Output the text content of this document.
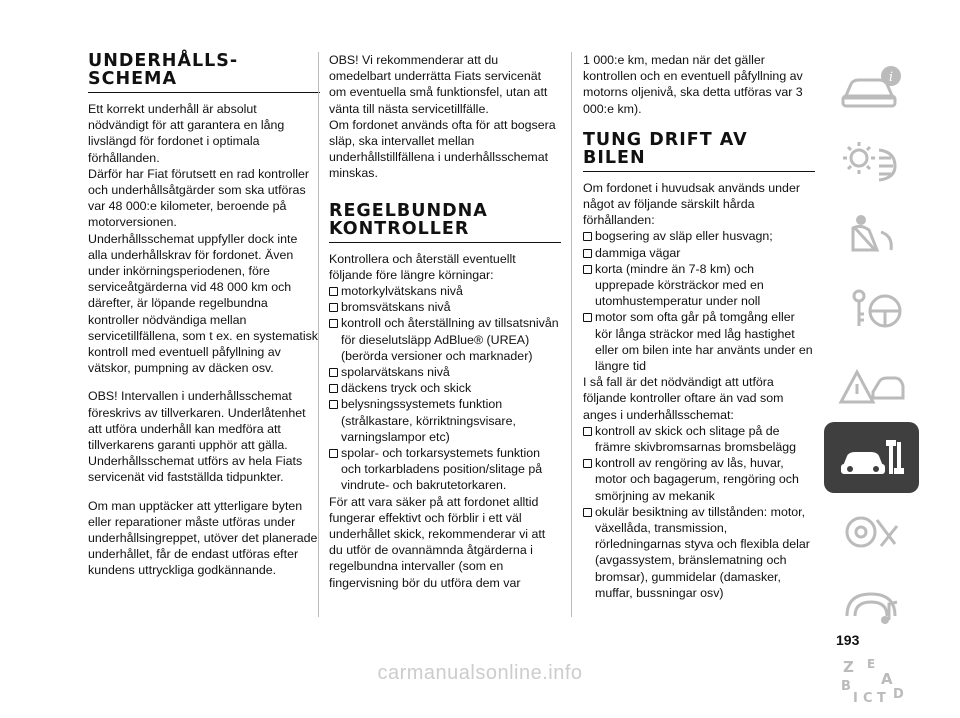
UNDERHÅLLS-SCHEMA

Ett korrekt underhåll är absolut nödvändigt för att garantera en lång livslängd för fordonet i optimala förhållanden.

Därför har Fiat förutsett en rad kontroller och underhållsåtgärder som ska utföras var 48 000:e kilometer, beroende på motorversionen.

Underhållsschemat uppfyller dock inte alla underhållskrav för fordonet. Även under inkörningsperiodenen, före serviceåtgärderna vid 48 000 km och därefter, är löpande regelbundna kontroller nödvändiga mellan servicetillfällena, som t ex. en systematisk kontroll med eventuell påfyllning av vätskor, pumpning av däcken osv.

OBS! Intervallen i underhållsschemat föreskrivs av tillverkaren. Underlåtenhet att utföra underhåll kan medföra att tillverkarens garanti upphör att gälla. Underhållsschemat utförs av hela Fiats servicenät vid fastställda tidpunkter.

Om man upptäcker att ytterligare byten eller reparationer måste utföras under underhållsingreppet, utöver det planerade underhållet, får de endast utföras efter kundens uttryckliga godkännande.

OBS! Vi rekommenderar att du omedelbart underrätta Fiats servicenät om eventuella små funktionsfel, utan att vänta till nästa servicetillfälle.

Om fordonet används ofta för att bogsera släp, ska intervallet mellan underhållstillfällena i underhållsschemat minskas.

REGELBUNDNA KONTROLLER

Kontrollera och återställ eventuellt följande före längre körningar:

motorkylvätskans nivå
bromsvätskans nivå
kontroll och återställning av tillsatsnivån för dieselutsläpp AdBlue® (UREA) (berörda versioner och marknader)
spolarvätskans nivå
däckens tryck och skick
belysningssystemets funktion (strålkastare, körriktningsvisare, varningslampor etc)
spolar- och torkarsystemets funktion och torkarbladens position/slitage på vindrute- och bakrutetorkaren.

För att vara säker på att fordonet alltid fungerar effektivt och förblir i ett väl underhållet skick, rekommenderar vi att du utför de ovannämnda åtgärderna i regelbundna intervaller (som en fingervisning bör du utföra dem var

1 000:e km, medan när det gäller kontrollen och en eventuell påfyllning av motorns oljenivå, ska detta utföras var 3 000:e km).

TUNG DRIFT AV BILEN

Om fordonet i huvudsak används under något av följande särskilt hårda förhållanden:

bogsering av släp eller husvagn;
dammiga vägar
korta (mindre än 7-8 km) och upprepade körsträckor med en utomhustemperatur under noll
motor som ofta går på tomgång eller kör långa sträckor med låg hastighet eller om bilen inte har använts under en längre tid

I så fall är det nödvändigt att utföra följande kontroller oftare än vad som anges i underhållsschemat:

kontroll av skick och slitage på de främre skivbromsarnas bromsbelägg
kontroll av rengöring av lås, huvar, motor och bagagerum, rengöring och smörjning av mekanik
okulär besiktning av tillstånden: motor, växellåda, transmission, rörledningarnas styva och flexibla delar (avgassystem, bränslematning och bromsar), gummidelar (damasker, muffar, bussningar osv)
i
Z E
B A
I C T D
193
carmanualsonline.info
